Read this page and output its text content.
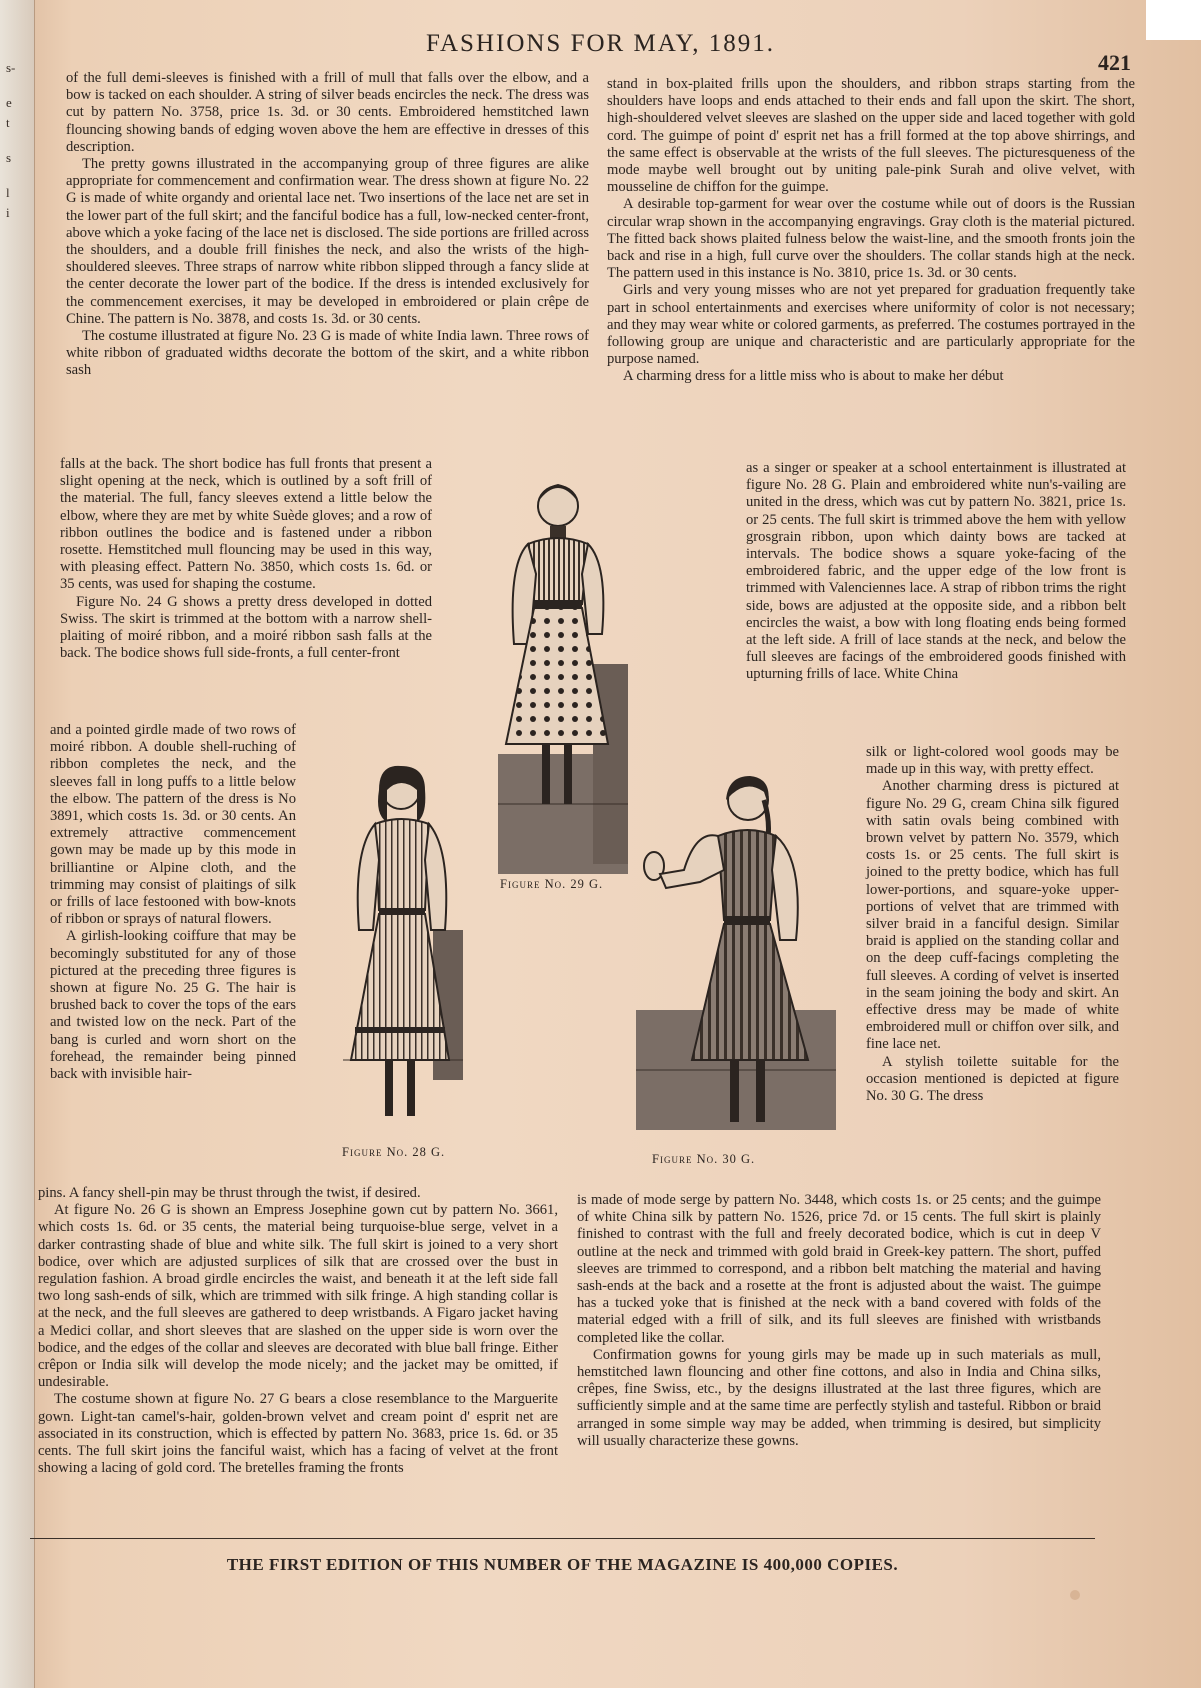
s-
e
t
s
l
i
FASHIONS FOR MAY, 1891.
421

of the full demi-sleeves is finished with a frill of mull that falls over the elbow, and a bow is tacked on each shoulder. A string of silver beads encircles the neck. The dress was cut by pattern No. 3758, price 1s. 3d. or 30 cents. Embroidered hemstitched lawn flouncing showing bands of edging woven above the hem are effective in dresses of this description.

The pretty gowns illustrated in the accompanying group of three figures are alike appropriate for commencement and confirmation wear. The dress shown at figure No. 22 G is made of white organdy and oriental lace net. Two insertions of the lace net are set in the lower part of the full skirt; and the fanciful bodice has a full, low-necked center-front, above which a yoke facing of the lace net is disclosed. The side portions are frilled across the shoulders, and a double frill finishes the neck, and also the wrists of the high-shouldered sleeves. Three straps of narrow white ribbon slipped through a fancy slide at the center decorate the lower part of the bodice. If the dress is intended exclusively for the commencement exercises, it may be developed in embroidered or plain crêpe de Chine. The pattern is No. 3878, and costs 1s. 3d. or 30 cents.

The costume illustrated at figure No. 23 G is made of white India lawn. Three rows of white ribbon of graduated widths decorate the bottom of the skirt, and a white ribbon sash

falls at the back. The short bodice has full fronts that present a slight opening at the neck, which is outlined by a soft frill of the material. The full, fancy sleeves extend a little below the elbow, where they are met by white Suède gloves; and a row of ribbon outlines the bodice and is fastened under a ribbon rosette. Hemstitched mull flouncing may be used in this way, with pleasing effect. Pattern No. 3850, which costs 1s. 6d. or 35 cents, was used for shaping the costume.

Figure No. 24 G shows a pretty dress developed in dotted Swiss. The skirt is trimmed at the bottom with a narrow shell-plaiting of moiré ribbon, and a moiré ribbon sash falls at the back. The bodice shows full side-fronts, a full center-front

and a pointed girdle made of two rows of moiré ribbon. A double shell-ruching of ribbon completes the neck, and the sleeves fall in long puffs to a little below the elbow. The pattern of the dress is No 3891, which costs 1s. 3d. or 30 cents. An extremely attractive commencement gown may be made up by this mode in brilliantine or Alpine cloth, and the trimming may consist of plaitings of silk or frills of lace festooned with bow-knots of ribbon or sprays of natural flowers.

A girlish-looking coiffure that may be becomingly substituted for any of those pictured at the preceding three figures is shown at figure No. 25 G. The hair is brushed back to cover the tops of the ears and twisted low on the neck. Part of the bang is curled and worn short on the forehead, the remainder being pinned back with invisible hair-

pins. A fancy shell-pin may be thrust through the twist, if desired.

At figure No. 26 G is shown an Empress Josephine gown cut by pattern No. 3661, which costs 1s. 6d. or 35 cents, the material being turquoise-blue serge, velvet in a darker contrasting shade of blue and white silk. The full skirt is joined to a very short bodice, over which are adjusted surplices of silk that are crossed over the bust in regulation fashion. A broad girdle encircles the waist, and beneath it at the left side fall two long sash-ends of silk, which are trimmed with silk fringe. A high standing collar is at the neck, and the full sleeves are gathered to deep wristbands. A Figaro jacket having a Medici collar, and short sleeves that are slashed on the upper side is worn over the bodice, and the edges of the collar and sleeves are decorated with blue ball fringe. Either crêpon or India silk will develop the mode nicely; and the jacket may be omitted, if undesirable.

The costume shown at figure No. 27 G bears a close resemblance to the Marguerite gown. Light-tan camel's-hair, golden-brown velvet and cream point d' esprit net are associated in its construction, which is effected by pattern No. 3683, price 1s. 6d. or 35 cents. The full skirt joins the fanciful waist, which has a facing of velvet at the front showing a lacing of gold cord. The bretelles framing the fronts

stand in box-plaited frills upon the shoulders, and ribbon straps starting from the shoulders have loops and ends attached to their ends and fall upon the skirt. The short, high-shouldered velvet sleeves are slashed on the upper side and laced together with gold cord. The guimpe of point d' esprit net has a frill formed at the top above shirrings, and the same effect is observable at the wrists of the full sleeves. The picturesqueness of the mode maybe well brought out by uniting pale-pink Surah and olive velvet, with mousseline de chiffon for the guimpe.

A desirable top-garment for wear over the costume while out of doors is the Russian circular wrap shown in the accompanying engravings. Gray cloth is the material pictured. The fitted back shows plaited fulness below the waist-line, and the smooth fronts join the back and rise in a high, full curve over the shoulders. The collar stands high at the neck. The pattern used in this instance is No. 3810, price 1s. 3d. or 30 cents.

Girls and very young misses who are not yet prepared for graduation frequently take part in school entertainments and exercises where uniformity of color is not necessary; and they may wear white or colored garments, as preferred. The costumes portrayed in the following group are unique and characteristic and are particularly appropriate for the purpose named.

A charming dress for a little miss who is about to make her début

as a singer or speaker at a school entertainment is illustrated at figure No. 28 G. Plain and embroidered white nun's-vailing are united in the dress, which was cut by pattern No. 3821, price 1s. or 25 cents. The full skirt is trimmed above the hem with yellow grosgrain ribbon, upon which dainty bows are tacked at intervals. The bodice shows a square yoke-facing of the embroidered fabric, and the upper edge of the low front is trimmed with Valenciennes lace. A strap of ribbon trims the right side, bows are adjusted at the opposite side, and a ribbon belt encircles the waist, a bow with long floating ends being formed at the left side. A frill of lace stands at the neck, and below the full sleeves are facings of the embroidered goods finished with upturning frills of lace. White China

silk or light-colored wool goods may be made up in this way, with pretty effect.

Another charming dress is pictured at figure No. 29 G, cream China silk figured with satin ovals being combined with brown velvet by pattern No. 3579, which costs 1s. or 25 cents. The full skirt is joined to the pretty bodice, which has full lower-portions, and square-yoke upper-portions of velvet that are trimmed with silver braid in a fanciful design. Similar braid is applied on the standing collar and on the deep cuff-facings completing the full sleeves. A cording of velvet is inserted in the seam joining the body and skirt. An effective dress may be made of white embroidered mull or chiffon over silk, and fine lace net.

A stylish toilette suitable for the occasion mentioned is depicted at figure No. 30 G. The dress

is made of mode serge by pattern No. 3448, which costs 1s. or 25 cents; and the guimpe of white China silk by pattern No. 1526, price 7d. or 15 cents. The full skirt is plainly finished to contrast with the full and freely decorated bodice, which is cut in deep V outline at the neck and trimmed with gold braid in Greek-key pattern. The short, puffed sleeves are trimmed to correspond, and a ribbon belt matching the material and having sash-ends at the back and a rosette at the front is adjusted about the waist. The guimpe has a tucked yoke that is finished at the neck with a band covered with folds of the material edged with a frill of silk, and its full sleeves are finished with wristbands completed like the collar.

Confirmation gowns for young girls may be made up in such materials as mull, hemstitched lawn flouncing and other fine cottons, and also in India and China silks, crêpes, fine Swiss, etc., by the designs illustrated at the last three figures, which are sufficiently simple and at the same time are perfectly stylish and tasteful. Ribbon or braid arranged in some simple way may be added, when trimming is desired, but simplicity will usually characterize these gowns.

Figure No. 29 G.
Figure No. 28 G.	Figure No. 30 G.
THE FIRST EDITION OF THIS NUMBER OF THE MAGAZINE IS 400,000 COPIES.
